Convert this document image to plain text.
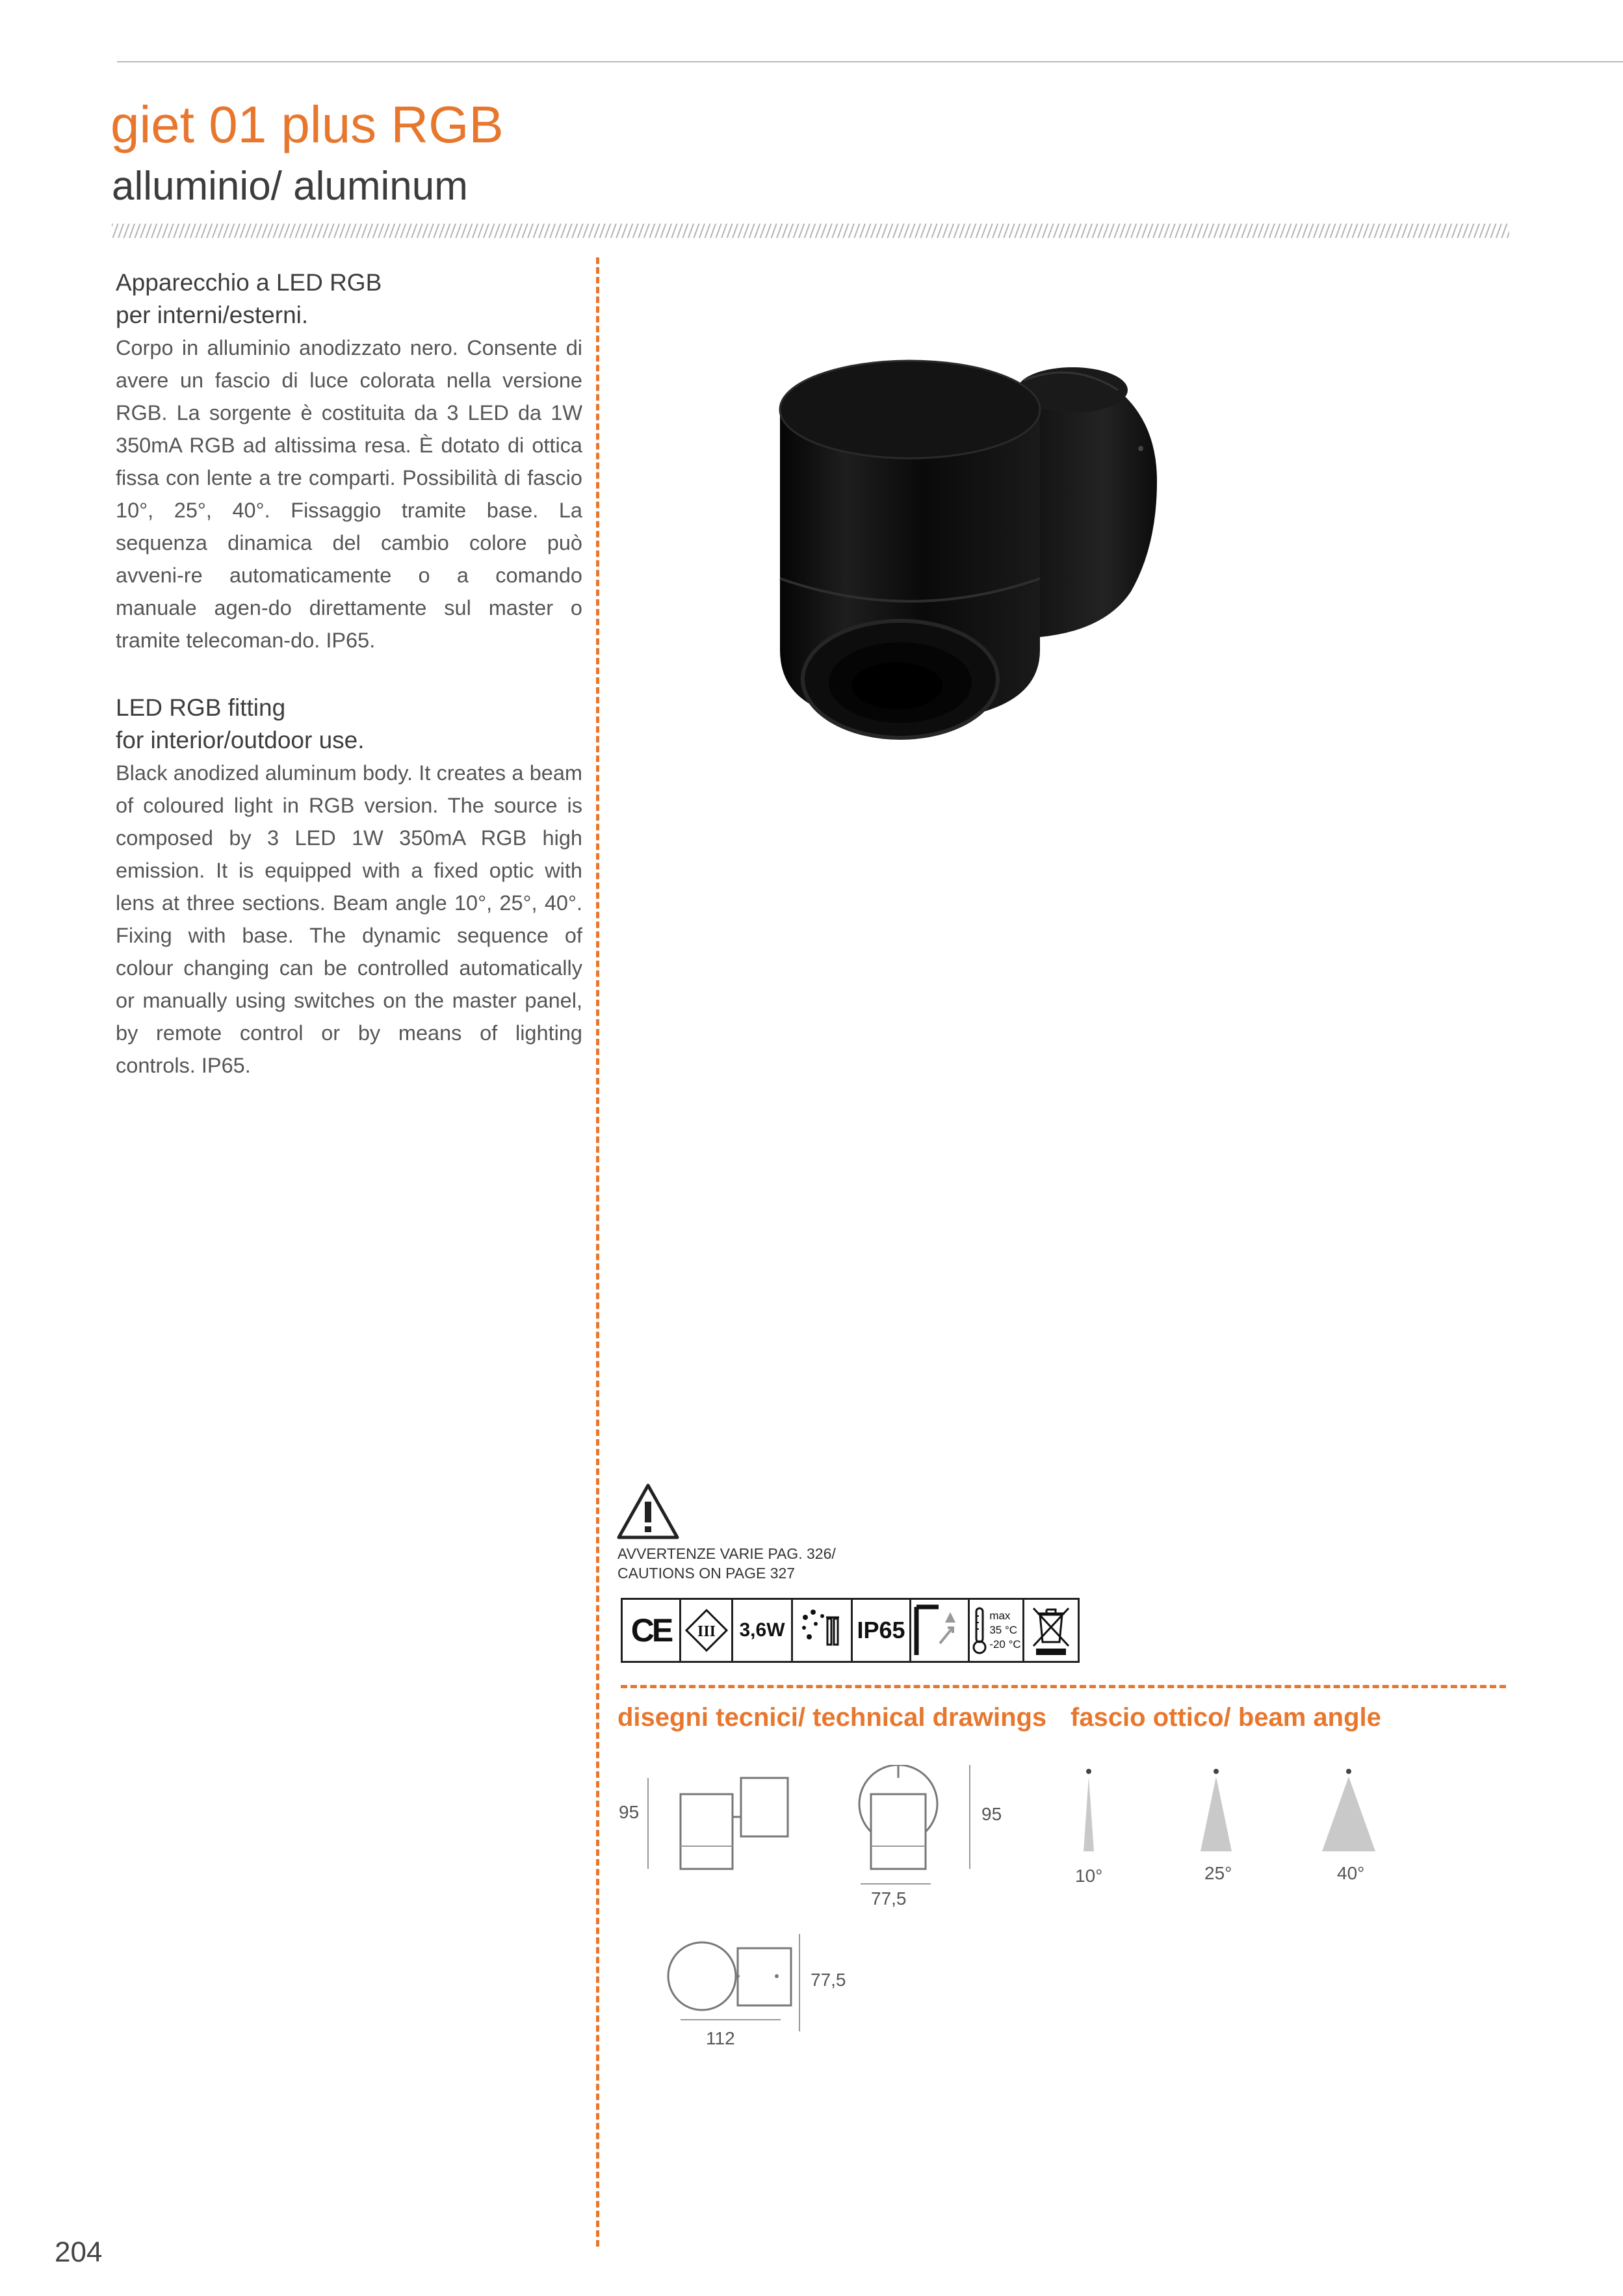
giet 01 plus RGB
alluminio/ aluminum
Apparecchio a LED RGB
per interni/esterni.

Corpo in alluminio anodizzato nero. Consente di avere un fascio di luce colorata nella versione RGB. La sorgente è costituita da 3 LED da 1W 350mA RGB ad altissima resa. È dotato di ottica fissa con lente a tre comparti. Possibilità di fascio 10°, 25°, 40°. Fissaggio tramite base. La sequenza dinamica del cambio colore può avveni-re automaticamente o a comando manuale agen-do direttamente sul master o tramite telecoman-do. IP65.

LED RGB fitting
for interior/outdoor use.

Black anodized aluminum body. It creates a beam of coloured light in RGB version. The source is composed by 3 LED 1W 350mA RGB high emission. It is equipped with a fixed optic with lens at three sections. Beam angle 10°, 25°, 40°. Fixing with base. The dynamic sequence of colour changing can be controlled automatically or manually using switches on the master panel, by remote control or by means of lighting controls. IP65.

AVVERTENZE VARIE PAG. 326/
CAUTIONS ON PAGE 327
CE	III	3,6W	IP65
max
35 °C
-20 °C
disegni tecnici/ technical drawings fascio ottico/ beam angle
95	95
77,5
77,5
112
10°	25°	40°
204
